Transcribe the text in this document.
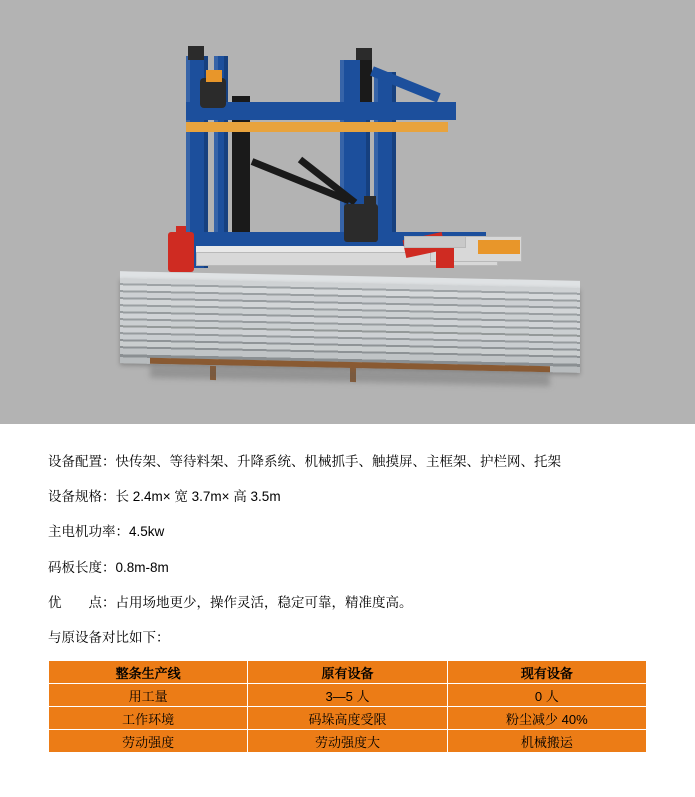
设备配置：快传架、等待料架、升降系统、机械抓手、触摸屏、主框架、护栏网、托架
设备规格：长 2.4m× 宽 3.7m× 高 3.5m
主电机功率：4.5kw
码板长度：0.8m-8m
优　　点：占用场地更少，操作灵活，稳定可靠，精准度高。
与原设备对比如下：
整条生产线	原有设备	现有设备
用工量	3—5 人	0 人
工作环境	码垛高度受限	粉尘减少 40%
劳动强度	劳动强度大	机械搬运
